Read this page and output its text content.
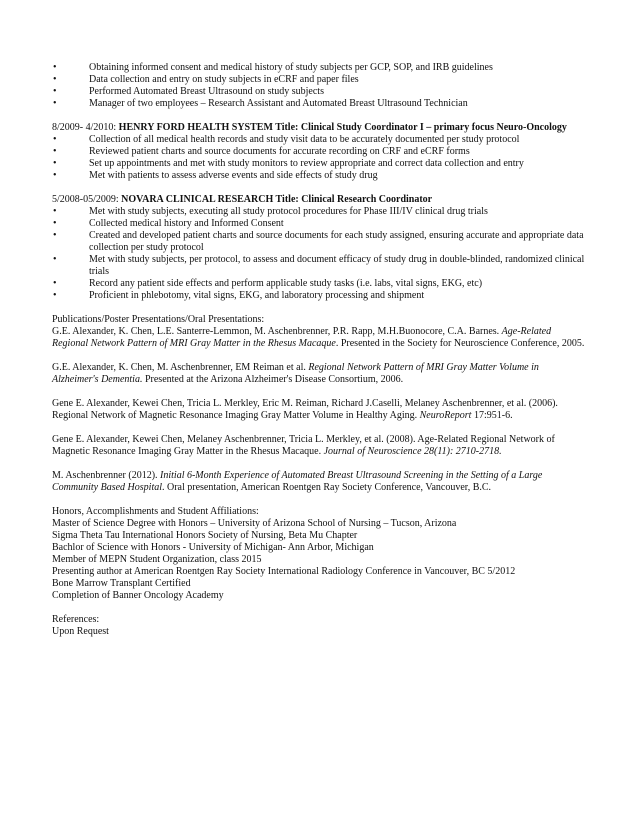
•	Obtaining informed consent and medical history of study subjects per GCP, SOP, and IRB guidelines
•	Data collection and entry on study subjects in eCRF and paper files
•	Performed Automated Breast Ultrasound on study subjects
•	Manager of two employees – Research Assistant and Automated Breast Ultrasound Technician

8/2009- 4/2010: HENRY FORD HEALTH SYSTEM Title: Clinical Study Coordinator I – primary focus Neuro-Oncology

•	Collection of all medical health records and study visit data to be accurately documented per study protocol
•	Reviewed patient charts and source documents for accurate recording on CRF and eCRF forms
•	Set up appointments and met with study monitors to review appropriate and correct data collection and entry
•	Met with patients to assess adverse events and side effects of study drug

5/2008-05/2009: NOVARA CLINICAL RESEARCH Title: Clinical Research Coordinator

•	Met with study subjects, executing all study protocol procedures for Phase III/IV clinical drug trials
•	Collected medical history and Informed Consent
•	Created and developed patient charts and source documents for each study assigned, ensuring accurate and appropriate data collection per study protocol
•	Met with study subjects, per protocol, to assess and document efficacy of study drug in double-blinded, randomized clinical trials
•	Record any patient side effects and perform applicable study tasks (i.e. labs, vital signs, EKG, etc)
•	Proficient in phlebotomy, vital signs, EKG, and laboratory processing and shipment

Publications/Poster Presentations/Oral Presentations:

G.E. Alexander, K. Chen, L.E. Santerre-Lemmon, M. Aschenbrenner, P.R. Rapp, M.H.Buonocore, C.A. Barnes. Age-Related Regional Network Pattern of MRI Gray Matter in the Rhesus Macaque. Presented in the Society for Neuroscience Conference, 2005.

G.E. Alexander, K. Chen, M. Aschenbrenner, EM Reiman et al. Regional Network Pattern of MRI Gray Matter Volume in Alzheimer's Dementia. Presented at the Arizona Alzheimer's Disease Consortium, 2006.

Gene E. Alexander, Kewei Chen, Tricia L. Merkley, Eric M. Reiman, Richard J.Caselli, Melaney Aschenbrenner, et al. (2006). Regional Network of Magnetic Resonance Imaging Gray Matter Volume in Healthy Aging. NeuroReport 17:951-6.

Gene E. Alexander, Kewei Chen, Melaney Aschenbrenner, Tricia L. Merkley, et al. (2008). Age-Related Regional Network of Magnetic Resonance Imaging Gray Matter in the Rhesus Macaque. Journal of Neuroscience 28(11): 2710-2718.

M. Aschenbrenner (2012). Initial 6-Month Experience of Automated Breast Ultrasound Screening in the Setting of a Large Community Based Hospital. Oral presentation, American Roentgen Ray Society Conference, Vancouver, B.C.

Honors, Accomplishments and Student Affiliations:

Master of Science Degree with Honors – University of Arizona School of Nursing – Tucson, Arizona

Sigma Theta Tau International Honors Society of Nursing, Beta Mu Chapter

Bachlor of Science with Honors - University of Michigan- Ann Arbor, Michigan

Member of MEPN Student Organization, class 2015

Presenting author at American Roentgen Ray Society International Radiology Conference in Vancouver, BC 5/2012

Bone Marrow Transplant Certified

Completion of Banner Oncology Academy

References:

Upon Request
